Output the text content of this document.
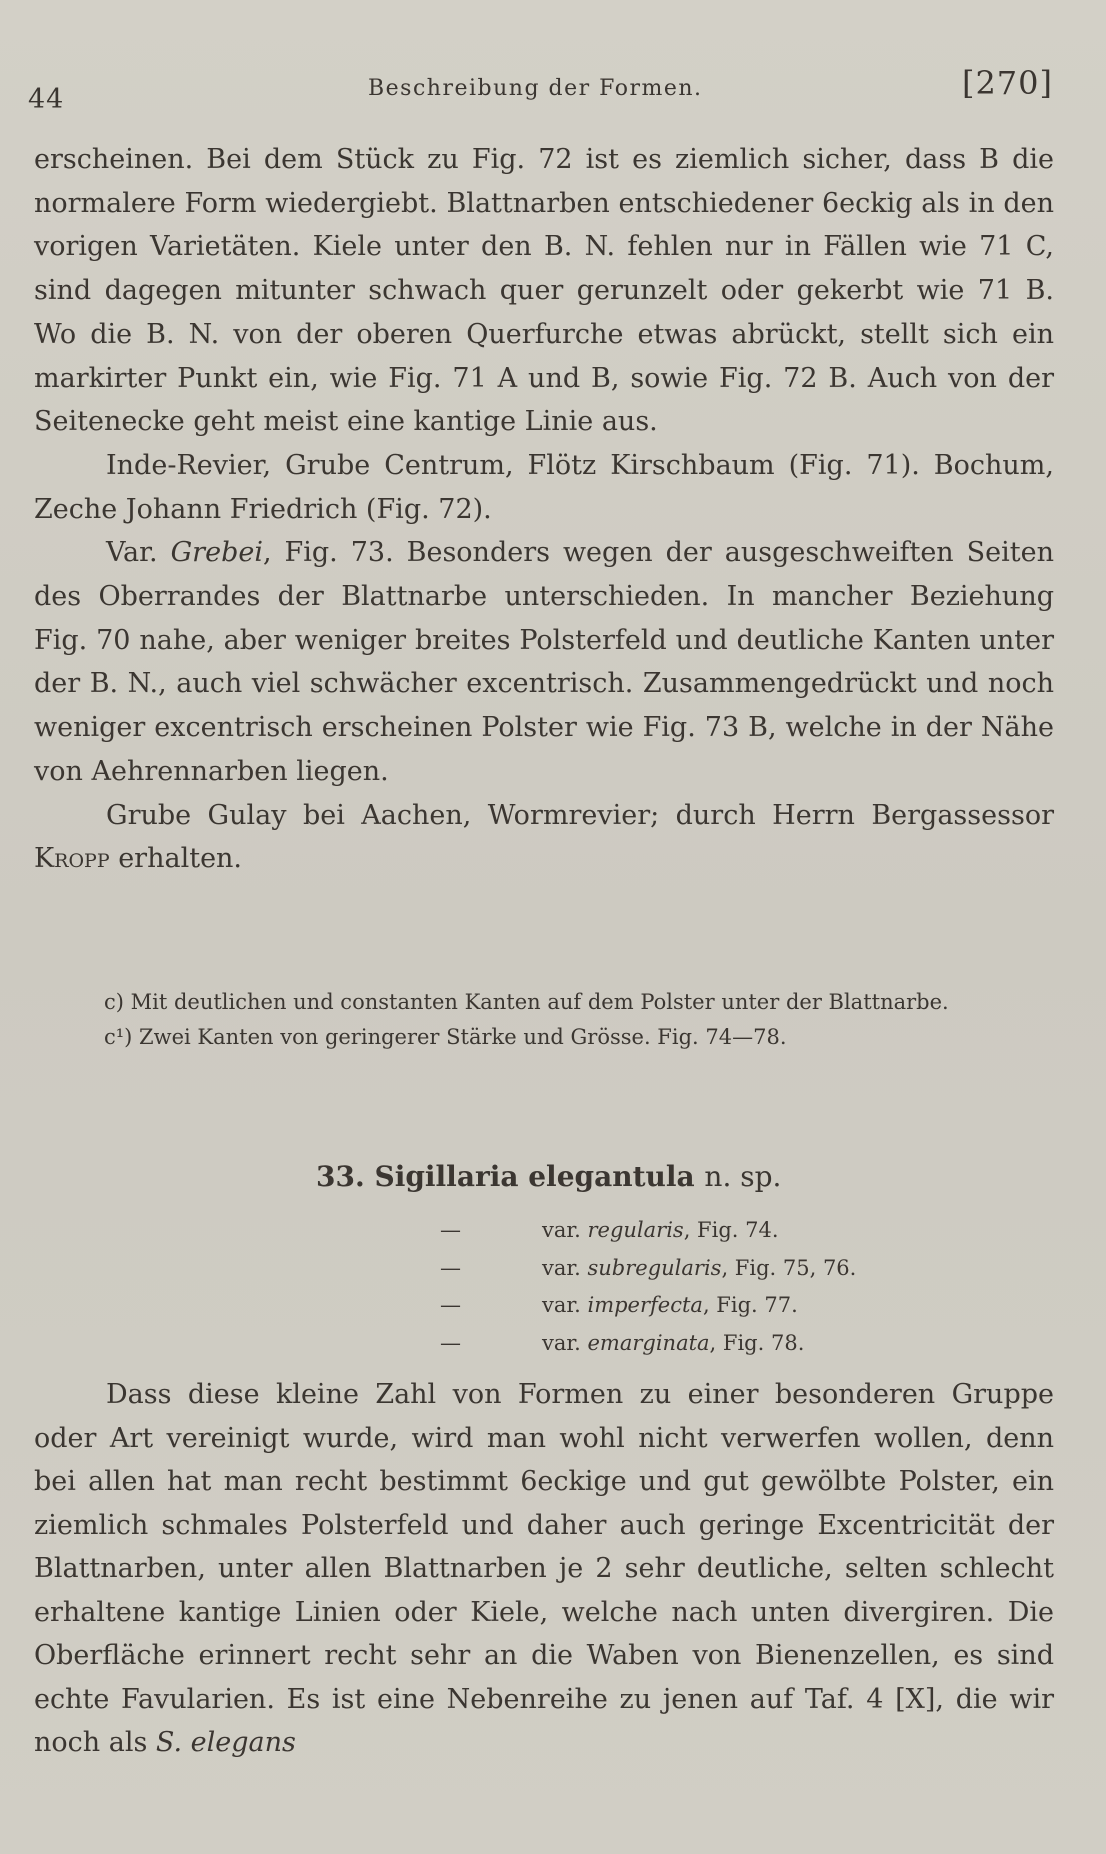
44	Beschreibung der Formen.	[270]

erscheinen. Bei dem Stück zu Fig. 72 ist es ziemlich sicher, dass B die normalere Form wiedergiebt. Blattnarben entschiedener 6eckig als in den vorigen Varietäten. Kiele unter den B. N. fehlen nur in Fällen wie 71 C, sind dagegen mitunter schwach quer gerunzelt oder gekerbt wie 71 B. Wo die B. N. von der oberen Querfurche etwas abrückt, stellt sich ein markirter Punkt ein, wie Fig. 71 A und B, sowie Fig. 72 B. Auch von der Seitenecke geht meist eine kantige Linie aus.

Inde-Revier, Grube Centrum, Flötz Kirschbaum (Fig. 71). Bochum, Zeche Johann Friedrich (Fig. 72).

Var. Grebei, Fig. 73. Besonders wegen der ausgeschweiften Seiten des Oberrandes der Blattnarbe unterschieden. In mancher Beziehung Fig. 70 nahe, aber weniger breites Polsterfeld und deutliche Kanten unter der B. N., auch viel schwächer excentrisch. Zusammengedrückt und noch weniger excentrisch erscheinen Polster wie Fig. 73 B, welche in der Nähe von Aehrennarben liegen.

Grube Gulay bei Aachen, Wormrevier; durch Herrn Bergassessor Kropp erhalten.

c) Mit deutlichen und constanten Kanten auf dem Polster unter der Blattnarbe.

c¹) Zwei Kanten von geringerer Stärke und Grösse. Fig. 74—78.

33. Sigillaria elegantula n. sp.
—	var. regularis, Fig. 74.
—	var. subregularis, Fig. 75, 76.
—	var. imperfecta, Fig. 77.
—	var. emarginata, Fig. 78.

Dass diese kleine Zahl von Formen zu einer besonderen Gruppe oder Art vereinigt wurde, wird man wohl nicht verwerfen wollen, denn bei allen hat man recht bestimmt 6eckige und gut gewölbte Polster, ein ziemlich schmales Polsterfeld und daher auch geringe Excentricität der Blattnarben, unter allen Blattnarben je 2 sehr deutliche, selten schlecht erhaltene kantige Linien oder Kiele, welche nach unten divergiren. Die Oberfläche erinnert recht sehr an die Waben von Bienenzellen, es sind echte Favularien. Es ist eine Nebenreihe zu jenen auf Taf. 4 [X], die wir noch als S. elegans
